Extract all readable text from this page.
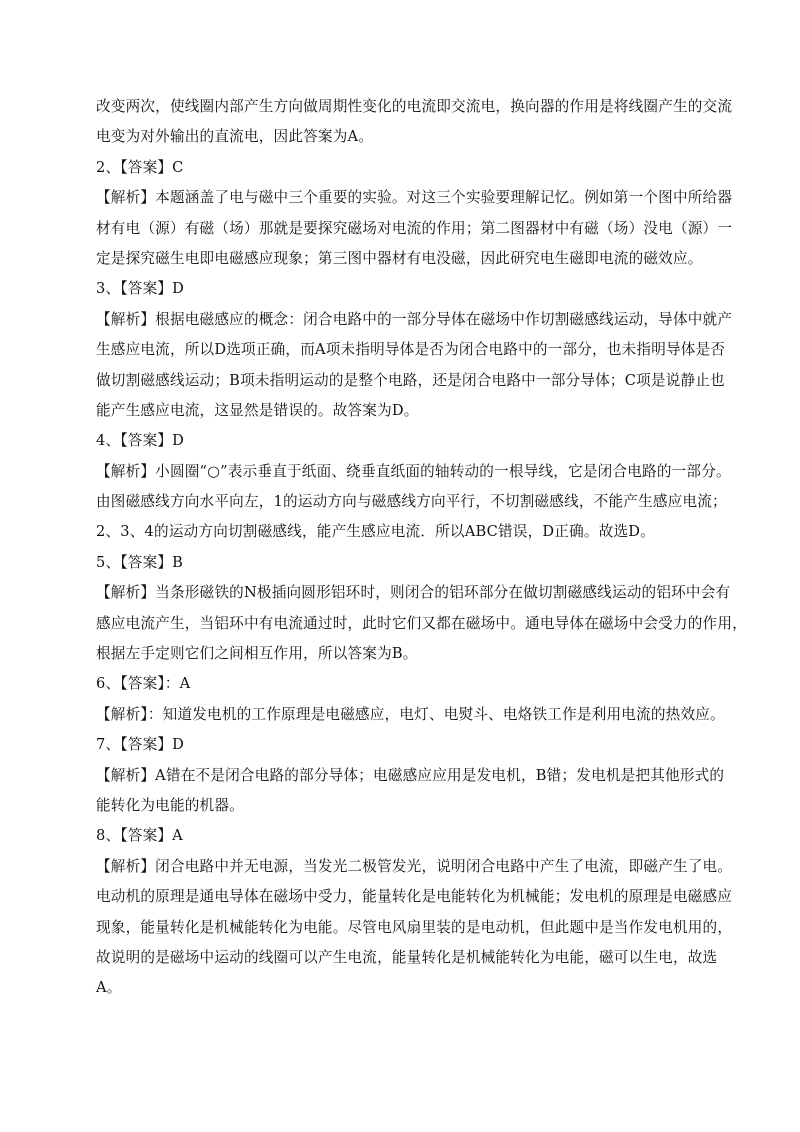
改变两次，使线圈内部产生方向做周期性变化的电流即交流电，换向器的作用是将线圈产生的交流
电变为对外输出的直流电，因此答案为A。
2、【答案】C
【解析】本题涵盖了电与磁中三个重要的实验。对这三个实验要理解记忆。例如第一个图中所给器
材有电（源）有磁（场）那就是要探究磁场对电流的作用；第二图器材中有磁（场）没电（源）一
定是探究磁生电即电磁感应现象；第三图中器材有电没磁，因此研究电生磁即电流的磁效应。
3、【答案】D
【解析】根据电磁感应的概念：闭合电路中的一部分导体在磁场中作切割磁感线运动，导体中就产
生感应电流，所以D选项正确，而A项未指明导体是否为闭合电路中的一部分，也未指明导体是否
做切割磁感线运动；B项未指明运动的是整个电路，还是闭合电路中一部分导体；C项是说静止也
能产生感应电流，这显然是错误的。故答案为D。
4、【答案】D
【解析】小圆圈“○”表示垂直于纸面、绕垂直纸面的轴转动的一根导线，它是闭合电路的一部分。
由图磁感线方向水平向左，1的运动方向与磁感线方向平行，不切割磁感线，不能产生感应电流；
2、3、4的运动方向切割磁感线，能产生感应电流．所以ABC错误，D正确。故选D。
5、【答案】B
【解析】当条形磁铁的N极插向圆形铝环时，则闭合的铝环部分在做切割磁感线运动的铝环中会有
感应电流产生，当铝环中有电流通过时，此时它们又都在磁场中。通电导体在磁场中会受力的作用，
根据左手定则它们之间相互作用，所以答案为B。
6、【答案】：A
【解析】：知道发电机的工作原理是电磁感应，电灯、电熨斗、电烙铁工作是利用电流的热效应。
7、【答案】D
【解析】A错在不是闭合电路的部分导体；电磁感应应用是发电机，B错；发电机是把其他形式的
能转化为电能的机器。
8、【答案】A
【解析】闭合电路中并无电源，当发光二极管发光，说明闭合电路中产生了电流，即磁产生了电。
电动机的原理是通电导体在磁场中受力，能量转化是电能转化为机械能；发电机的原理是电磁感应
现象，能量转化是机械能转化为电能。尽管电风扇里装的是电动机，但此题中是当作发电机用的，
故说明的是磁场中运动的线圈可以产生电流，能量转化是机械能转化为电能，磁可以生电，故选
A。
